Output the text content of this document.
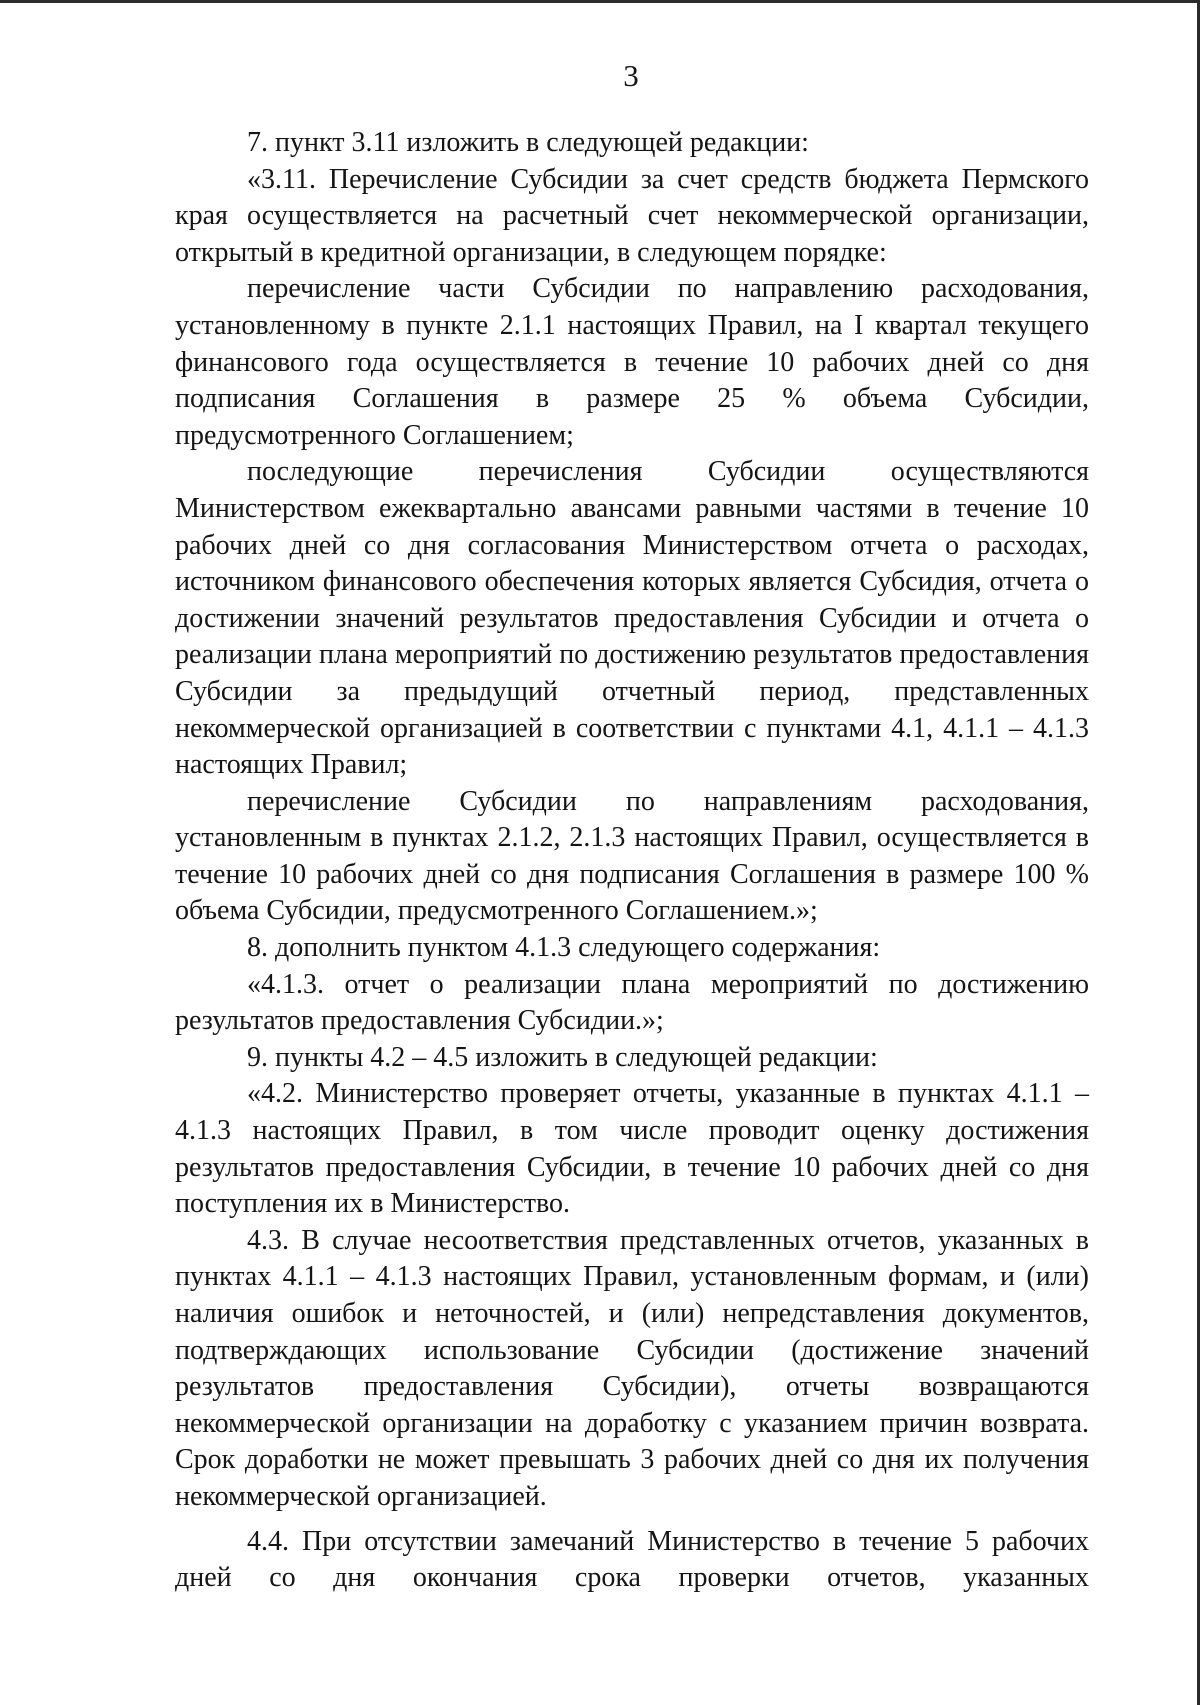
3

7. пункт 3.11 изложить в следующей редакции:

«3.11. Перечисление Субсидии за счет средств бюджета Пермского края осуществляется на расчетный счет некоммерческой организации, открытый в кредитной организации, в следующем порядке:

перечисление части Субсидии по направлению расходования, установленному в пункте 2.1.1 настоящих Правил, на I квартал текущего финансового года осуществляется в течение 10 рабочих дней со дня подписания Соглашения в размере 25 % объема Субсидии, предусмотренного Соглашением;

последующие перечисления Субсидии осуществляются Министерством ежеквартально авансами равными частями в течение 10 рабочих дней со дня согласования Министерством отчета о расходах, источником финансового обеспечения которых является Субсидия, отчета о достижении значений результатов предоставления Субсидии и отчета о реализации плана мероприятий по достижению результатов предоставления Субсидии за предыдущий отчетный период, представленных некоммерческой организацией в соответствии с пунктами 4.1, 4.1.1 – 4.1.3 настоящих Правил;

перечисление Субсидии по направлениям расходования, установленным в пунктах 2.1.2, 2.1.3 настоящих Правил, осуществляется в течение 10 рабочих дней со дня подписания Соглашения в размере 100 % объема Субсидии, предусмотренного Соглашением.»;

8. дополнить пунктом 4.1.3 следующего содержания:

«4.1.3. отчет о реализации плана мероприятий по достижению результатов предоставления Субсидии.»;

9. пункты 4.2 – 4.5 изложить в следующей редакции:

«4.2. Министерство проверяет отчеты, указанные в пунктах 4.1.1 – 4.1.3 настоящих Правил, в том числе проводит оценку достижения результатов предоставления Субсидии, в течение 10 рабочих дней со дня поступления их в Министерство.

4.3. В случае несоответствия представленных отчетов, указанных в пунктах 4.1.1 – 4.1.3 настоящих Правил, установленным формам, и (или) наличия ошибок и неточностей, и (или) непредставления документов, подтверждающих использование Субсидии (достижение значений результатов предоставления Субсидии), отчеты возвращаются некоммерческой организации на доработку с указанием причин возврата. Срок доработки не может превышать 3 рабочих дней со дня их получения некоммерческой организацией.

4.4. При отсутствии замечаний Министерство в течение 5 рабочих дней со дня окончания срока проверки отчетов, указанных
